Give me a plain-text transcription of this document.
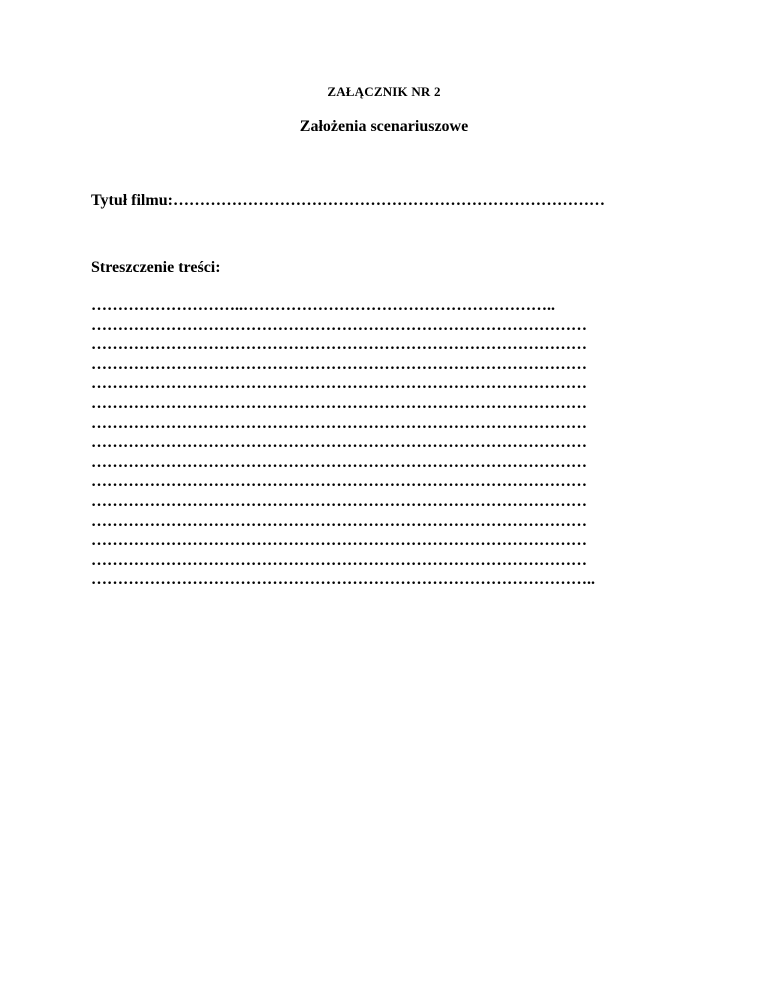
ZAŁĄCZNIK NR 2
Założenia scenariuszowe
Tytuł filmu:………………………………………………………………………
Streszczenie treści:
………………………..…………………………………………………..
…………………………………………………………………………………
…………………………………………………………………………………
…………………………………………………………………………………
…………………………………………………………………………………
…………………………………………………………………………………
…………………………………………………………………………………
…………………………………………………………………………………
…………………………………………………………………………………
…………………………………………………………………………………
…………………………………………………………………………………
…………………………………………………………………………………
…………………………………………………………………………………
…………………………………………………………………………………
…………………………………………………………………………………..
